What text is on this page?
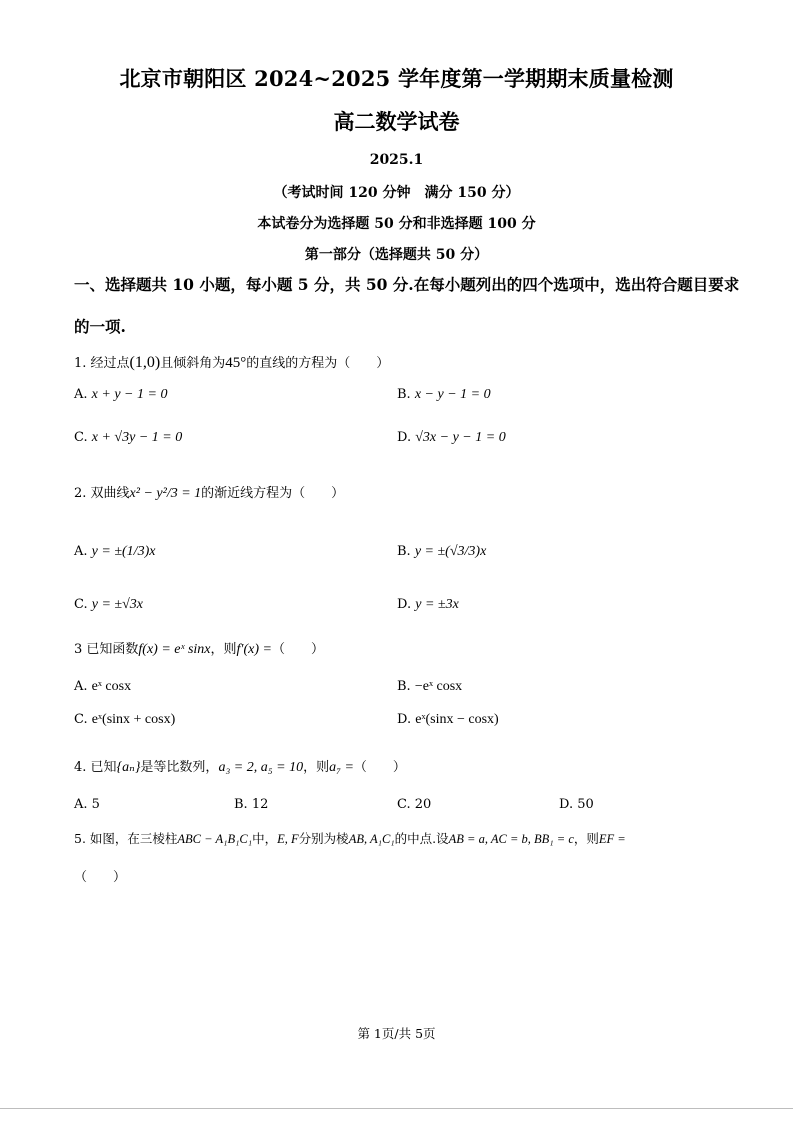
北京市朝阳区 2024~2025 学年度第一学期期末质量检测
高二数学试卷
2025.1
（考试时间 120 分钟　满分 150 分）
本试卷分为选择题 50 分和非选择题 100 分
第一部分（选择题共 50 分）
一、选择题共 10 小题，每小题 5 分，共 50 分.在每小题列出的四个选项中，选出符合题目要求
的一项.
1. 经过点(1,0)且倾斜角为45°的直线的方程为（　　）
A. x + y − 1 = 0	B. x − y − 1 = 0
C. x + √3y − 1 = 0	D. √3x − y − 1 = 0
2. 双曲线x² − y²/3 = 1的渐近线方程为（　　）
A. y = ±(1/3)x	B. y = ±(√3/3)x
C. y = ±√3x	D. y = ±3x
3 已知函数f(x) = eˣ sinx，则f′(x) =（　　）
A. eˣ cosx	B. −eˣ cosx
C. eˣ(sinx + cosx)	D. eˣ(sinx − cosx)
4. 已知{aₙ}是等比数列，a₃ = 2, a₅ = 10，则a₇ =（　　）
A. 5	B. 12	C. 20	D. 50
5. 如图，在三棱柱ABC − A₁B₁C₁中，E, F分别为棱AB, A₁C₁的中点.设AB = a, AC = b, BB₁ = c，则EF =
（　　）
第 1页/共 5页
